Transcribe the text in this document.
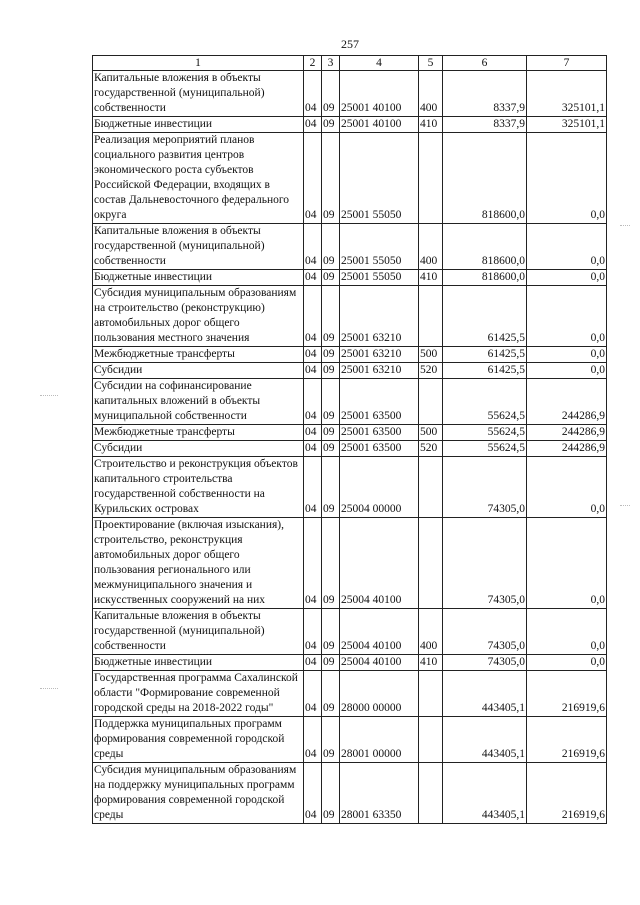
257
1	2	3	4	5	6	7
Капитальные вложения в объекты государственной (муниципальной) собственности	04	09	25001 40100	400	8337,9	325101,1
Бюджетные инвестиции	04	09	25001 40100	410	8337,9	325101,1
Реализация мероприятий планов социального развития центров экономического роста субъектов Российской Федерации, входящих в состав Дальневосточного федерального округа	04	09	25001 55050		818600,0	0,0
Капитальные вложения в объекты государственной (муниципальной) собственности	04	09	25001 55050	400	818600,0	0,0
Бюджетные инвестиции	04	09	25001 55050	410	818600,0	0,0
Субсидия муниципальным образованиям на строительство (реконструкцию) автомобильных дорог общего пользования местного значения	04	09	25001 63210		61425,5	0,0
Межбюджетные трансферты	04	09	25001 63210	500	61425,5	0,0
Субсидии	04	09	25001 63210	520	61425,5	0,0
Субсидии на софинансирование капитальных вложений в объекты муниципальной собственности	04	09	25001 63500		55624,5	244286,9
Межбюджетные трансферты	04	09	25001 63500	500	55624,5	244286,9
Субсидии	04	09	25001 63500	520	55624,5	244286,9
Строительство и реконструкция объектов капитального строительства государственной собственности на Курильских островах	04	09	25004 00000		74305,0	0,0
Проектирование (включая изыскания), строительство, реконструкция автомобильных дорог общего пользования регионального или межмуниципального значения и искусственных сооружений на них	04	09	25004 40100		74305,0	0,0
Капитальные вложения в объекты государственной (муниципальной) собственности	04	09	25004 40100	400	74305,0	0,0
Бюджетные инвестиции	04	09	25004 40100	410	74305,0	0,0
Государственная программа Сахалинской области "Формирование современной городской среды на 2018-2022 годы"	04	09	28000 00000		443405,1	216919,6
Поддержка муниципальных программ формирования современной городской среды	04	09	28001 00000		443405,1	216919,6
Субсидия муниципальным образованиям на поддержку муниципальных программ формирования современной городской среды	04	09	28001 63350		443405,1	216919,6
